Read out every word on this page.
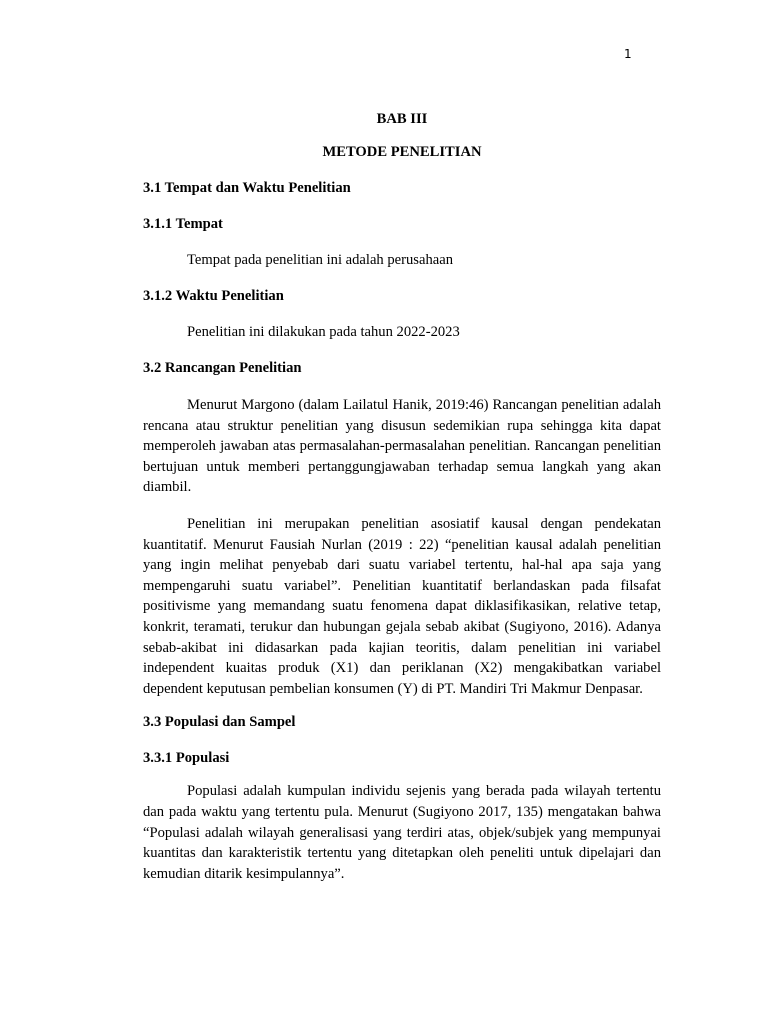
1
BAB III
METODE PENELITIAN
3.1 Tempat dan Waktu Penelitian
3.1.1 Tempat

Tempat pada penelitian ini adalah perusahaan

3.1.2 Waktu Penelitian

Penelitian ini dilakukan pada tahun 2022-2023

3.2 Rancangan Penelitian

Menurut Margono (dalam Lailatul Hanik, 2019:46) Rancangan penelitian adalah rencana atau struktur penelitian yang disusun sedemikian rupa sehingga kita dapat memperoleh jawaban atas permasalahan-permasalahan penelitian. Rancangan penelitian bertujuan untuk memberi pertanggungjawaban terhadap semua langkah yang akan diambil.

Penelitian ini merupakan penelitian asosiatif kausal dengan pendekatan kuantitatif. Menurut Fausiah Nurlan (2019 : 22) “penelitian kausal adalah penelitian yang ingin melihat penyebab dari suatu variabel tertentu, hal-hal apa saja yang mempengaruhi suatu variabel”. Penelitian kuantitatif berlandaskan pada filsafat positivisme yang memandang suatu fenomena dapat diklasifikasikan, relative tetap, konkrit, teramati, terukur dan hubungan gejala sebab akibat (Sugiyono, 2016). Adanya sebab-akibat ini didasarkan pada kajian teoritis, dalam penelitian ini variabel independent kuaitas produk (X1) dan periklanan (X2) mengakibatkan variabel dependent keputusan pembelian konsumen (Y) di PT. Mandiri Tri Makmur Denpasar.

3.3 Populasi dan Sampel
3.3.1 Populasi

Populasi adalah kumpulan individu sejenis yang berada pada wilayah tertentu dan pada waktu yang tertentu pula. Menurut (Sugiyono 2017, 135) mengatakan bahwa “Populasi adalah wilayah generalisasi yang terdiri atas, objek/subjek yang mempunyai kuantitas dan karakteristik tertentu yang ditetapkan oleh peneliti untuk dipelajari dan kemudian ditarik kesimpulannya”.
